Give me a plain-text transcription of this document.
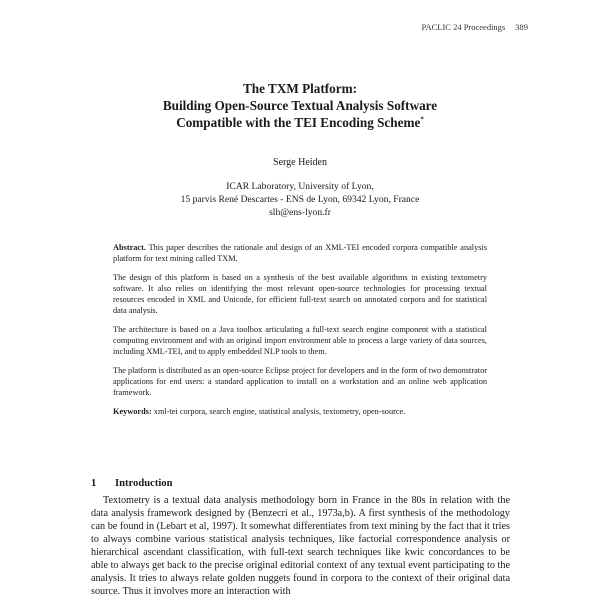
PACLIC 24 Proceedings 389
The TXM Platform:
Building Open-Source Textual Analysis Software
Compatible with the TEI Encoding Scheme*
Serge Heiden
ICAR Laboratory, University of Lyon,
15 parvis René Descartes - ENS de Lyon, 69342 Lyon, France
slh@ens-lyon.fr

Abstract. This paper describes the rationale and design of an XML-TEI encoded corpora compatible analysis platform for text mining called TXM.

The design of this platform is based on a synthesis of the best available algorithms in existing textometry software. It also relies on identifying the most relevant open-source technologies for processing textual resources encoded in XML and Unicode, for efficient full-text search on annotated corpora and for statistical data analysis.

The architecture is based on a Java toolbox articulating a full-text search engine component with a statistical computing environment and with an original import environment able to process a large variety of data sources, including XML-TEI, and to apply embedded NLP tools to them.

The platform is distributed as an open-source Eclipse project for developers and in the form of two demonstrator applications for end users: a standard application to install on a workstation and an online web application framework.

Keywords: xml-tei corpora, search engine, statistical analysis, textometry, open-source.

1 Introduction

Textometry is a textual data analysis methodology born in France in the 80s in relation with the data analysis framework designed by (Benzecri et al., 1973a,b). A first synthesis of the methodology can be found in (Lebart et al, 1997). It somewhat differentiates from text mining by the fact that it tries to always combine various statistical analysis techniques, like factorial correspondence analysis or hierarchical ascendant classification, with full-text search techniques like kwic concordances to be able to always get back to the precise original editorial context of any textual event participating to the analysis. It tries to always relate golden nuggets found in corpora to the context of their original data source. Thus it involves more an interaction with
